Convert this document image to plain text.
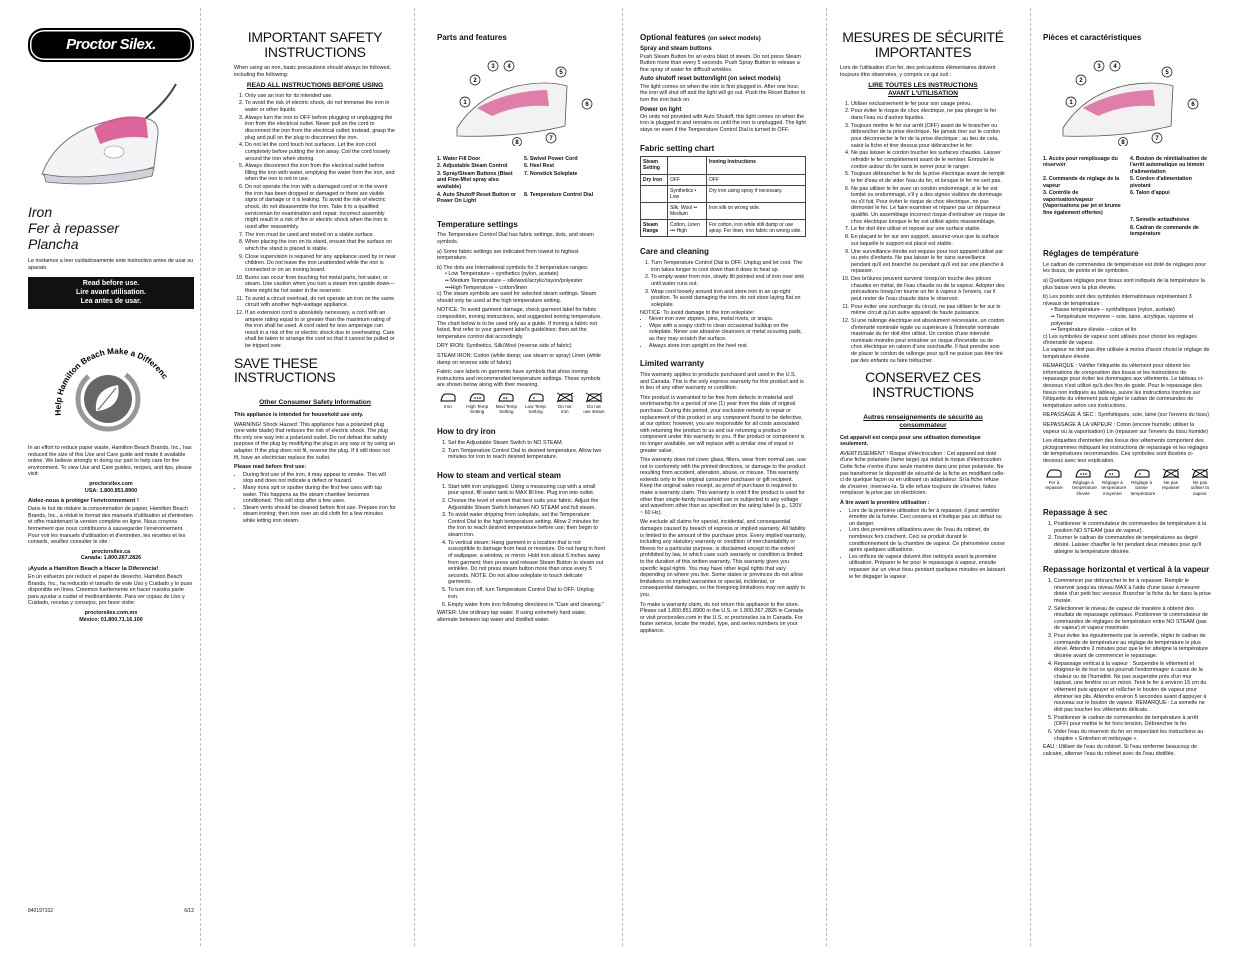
Proctor Silex.
Iron
Fer à repasser
Plancha

Le invitamos a leer cuidadosamente este instructivo antes de usar su aparato.

Read before use.
Lire avant utilisation.
Lea antes de usar.
Help Hamilton Beach Make a Difference!

In an effort to reduce paper waste, Hamilton Beach Brands, Inc., has reduced the size of this Use and Care guide and made it available online. We believe strongly in doing our part to help care for the environment. To view Use and Care guides, recipes, and tips, please visit:

proctorsilex.com

USA: 1.800.851.8900

Aidez-nous à protéger l'environnement !

Dans le but de réduire la consommation de papier, Hamilton Beach Brands, Inc., a réduit le format des manuels d'utilisation et d'entretien et offre maintenant la version complète en ligne. Nous croyons fermement que nous contribuons à sauvegarder l'environnement. Pour voir les manuels d'utilisation et d'entretien, les recettes et les conseils, veuillez consulter le site :

proctorsilex.ca

Canada: 1.800.267.2826

¡Ayude a Hamilton Beach a Hacer la Diferencia!

En un esfuerzo por reducir el papel de desecho, Hamilton Beach Brands, Inc., ha reducido el tamaño de este Uso y Cuidado y lo puso disponible en línea. Creemos fuertemente en hacer nuestra parte para ayudar a cuidar el medioambiente. Para ver copias de Uso y Cuidado, recetas y consejos, por favor visite:

proctorsilex.com.mx

México: 01.800.71.16.100

840197102	6/12
IMPORTANT SAFETY INSTRUCTIONS

When using an iron, basic precautions should always be followed, including the following:

READ ALL INSTRUCTIONS BEFORE USING
1. Only use an iron for its intended use.
2. To avoid the risk of electric shock, do not immerse the iron in water or other liquids.
3. Always turn the iron to OFF before plugging or unplugging the iron from the electrical outlet. Never pull on the cord to disconnect the iron from the electrical outlet; instead, grasp the plug and pull on the plug to disconnect the iron.
4. Do not let the cord touch hot surfaces. Let the iron cool completely before putting the iron away. Coil the cord loosely around the iron when storing.
5. Always disconnect the iron from the electrical outlet before filling the iron with water, emptying the water from the iron, and when the iron is not in use.
6. Do not operate the iron with a damaged cord or in the event the iron has been dropped or damaged or there are visible signs of damage or it is leaking. To avoid the risk of electric shock, do not disassemble the iron. Take it to a qualified serviceman for examination and repair. Incorrect assembly might result in a risk of fire or electric shock when the iron is used after reassembly.
7. The iron must be used and rested on a stable surface.
8. When placing the iron on its stand, ensure that the surface on which the stand is placed is stable.
9. Close supervision is required for any appliance used by or near children. Do not leave the iron unattended while the iron is connected or on an ironing board.
10. Burns can occur from touching hot metal parts, hot water, or steam. Use caution when you turn a steam iron upside down—there might be hot water in the reservoir.
11. To avoid a circuit overload, do not operate an iron on the same circuit with another high-wattage appliance.
12. If an extension cord is absolutely necessary, a cord with an ampere rating equal to or greater than the maximum rating of the iron shall be used. A cord rated for less amperage can result in a risk of fire or electric shock due to overheating. Care shall be taken to arrange the cord so that it cannot be pulled or be tripped over.
SAVE THESE INSTRUCTIONS
Other Consumer Safety Information

This appliance is intended for household use only.

WARNING! Shock Hazard: This appliance has a polarized plug (one wide blade) that reduces the risk of electric shock. The plug fits only one way into a polarized outlet. Do not defeat the safety purpose of the plug by modifying the plug in any way or by using an adapter. If the plug does not fit, reverse the plug. If it still does not fit, have an electrician replace the outlet.

Please read before first use:

• During first use of the iron, it may appear to smoke. This will stop and does not indicate a defect or hazard.
• Many irons spit or sputter during the first few uses with tap water. This happens as the steam chamber becomes conditioned. This will stop after a few uses.
• Steam vents should be cleaned before first use. Prepare iron for steam ironing; then iron over an old cloth for a few minutes while letting iron steam.
Parts and features
1
2
3 4
5
6
7
8
1. Water Fill Door	5. Swivel Power Cord
2. Adjustable Steam Control	6. Heel Rest
3. Spray/Steam Buttons (Blast and Fine-Mist spray also available)
7. Nonstick Soleplate
4. Auto Shutoff Reset Button or Power On Light
8. Temperature Control Dial
Temperature settings

The Temperature Control Dial has fabric settings, dots, and steam symbols.

a) Some fabric settings are indicated from lowest to highest temperature.

b) The dots are International symbols for 3 temperature ranges:

• Low Temperature – synthetics (nylon, acetate)
•• Medium Temperature – silk/wool/acrylic/rayon/polyester
•••High Temperature – cotton/linen

c) The steam symbols are used for selected steam settings. Steam should only be used at the high temperature setting.

NOTICE: To avoid garment damage, check garment label for fabric composition, ironing instructions, and suggested ironing temperature. The chart below is to be used only as a guide. If ironing a fabric not listed, first refer to your garment label's guidelines; then set the temperature control dial accordingly.

DRY IRON: Synthetics, Silk/Wool (reverse side of fabric)

STEAM IRON: Cotton (while damp; use steam or spray) Linen (while damp on reverse side of fabric)

Fabric care labels on garments have symbols that show ironing instructions and recommended temperature settings. These symbols are shown below along with their meaning.

Iron	High Temp Setting
Med Temp Setting
Low Temp Setting
Do not iron
Do not use steam
How to dry iron
1. Set the Adjustable Steam Switch to NO STEAM.
2. Turn Temperature Control Dial to desired temperature. Allow two minutes for iron to reach desired temperature.
How to steam and vertical steam
1. Start with iron unplugged. Using a measuring cup with a small pour spout, fill water tank to MAX fill line. Plug iron into outlet.
2. Choose the level of steam that best suits your fabric. Adjust the Adjustable Steam Switch between NO STEAM and full steam.
3. To avoid water dripping from soleplate, set the Temperature Control Dial to the high temperature setting. Allow 2 minutes for the iron to reach desired temperature before use; then begin to steam iron.
4. To vertical steam: Hang garment in a location that is not susceptible to damage from heat or moisture. Do not hang in front of wallpaper, a window, or mirror. Hold iron about 6 inches away from garment; then press and release Steam Button to steam out wrinkles. Do not press steam button more than once every 5 seconds. NOTE: Do not allow soleplate to touch delicate garments.
5. To turn iron off, turn Temperature Control Dial to OFF. Unplug iron.
6. Empty water from iron following directions in "Care and cleaning."

WATER: Use ordinary tap water. If using extremely hard water, alternate between tap water and distilled water.

Optional features (on select models)

Spray and steam buttons

Push Steam Button for an extra blast of steam. Do not press Steam Button more than every 5 seconds. Push Spray Button to release a fine spray of water for difficult wrinkles.

Auto shutoff reset button/light (on select models)

The light comes on when the iron is first plugged in. After one hour, the iron will shut off and the light will go out. Push the Reset Button to turn the iron back on.

Power on light

On units not provided with Auto Shutoff, this light comes on when the iron is plugged in and remains on until the iron is unplugged. The light stays on even if the Temperature Control Dial is turned to OFF.

Fabric setting chart
Steam Setting		Ironing Instructions
Dry Iron	OFF	OFF
	Synthetics • Low	Dry iron using spray if necessary.
	Silk, Wool •• Medium	Iron silk on wrong side.
Steam Range	Cotton, Linen ••• High	For cotton, iron while still damp or use spray. For linen, iron fabric on wrong side.
Care and cleaning
1. Turn Temperature Control Dial to OFF. Unplug and let cool. The iron takes longer to cool down than it does to heat up.
2. To empty water from iron, slowly tilt pointed end of iron over sink until water runs out.
3. Wrap cord loosely around iron and store iron in an up-right position. To avoid damaging the iron, do not store laying flat on soleplate.

NOTICE: To avoid damage to the iron soleplate:

• Never iron over zippers, pins, metal rivets, or snaps.
• Wipe with a soapy cloth to clean occasional buildup on the soleplate. Never use abrasive cleansers or metal scouring pads, as they may scratch the surface.
• Always store iron upright on the heel rest.
Limited warranty

This warranty applies to products purchased and used in the U.S. and Canada. This is the only express warranty for this product and is in lieu of any other warranty or condition.

This product is warranted to be free from defects in material and workmanship for a period of one (1) year from the date of original purchase. During this period, your exclusive remedy is repair or replacement of this product or any component found to be defective, at our option; however, you are responsible for all costs associated with returning the product to us and our returning a product or component under this warranty to you. If the product or component is no longer available, we will replace with a similar one of equal or greater value.

This warranty does not cover glass, filters, wear from normal use, use not in conformity with the printed directions, or damage to the product resulting from accident, alteration, abuse, or misuse. This warranty extends only to the original consumer purchaser or gift recipient. Keep the original sales receipt, as proof of purchase is required to make a warranty claim. This warranty is void if the product is used for other than single-family household use or subjected to any voltage and waveform other than as specified on the rating label (e.g., 120V ~ 60 Hz).

We exclude all claims for special, incidental, and consequential damages caused by breach of express or implied warranty. All liability is limited to the amount of the purchase price. Every implied warranty, including any statutory warranty or condition of merchantability or fitness for a particular purpose, is disclaimed except to the extent prohibited by law, in which case such warranty or condition is limited to the duration of this written warranty. This warranty gives you specific legal rights. You may have other legal rights that vary depending on where you live. Some states or provinces do not allow limitations on implied warranties or special, incidental, or consequential damages, so the foregoing limitations may not apply to you.

To make a warranty claim, do not return this appliance to the store. Please call 1.800.851.8900 in the U.S. or 1.800.267.2826 in Canada or visit proctorsilex.com in the U.S. or proctorsilex.ca in Canada. For faster service, locate the model, type, and series numbers on your appliance.

MESURES DE SÉCURITÉ IMPORTANTES

Lors de l'utilisation d'un fer, des précautions élémentaires doivent toujours être observées, y compris ce qui suit :

LIRE TOUTES LES INSTRUCTIONS AVANT L'UTILISATION
1. Utiliser exclusivement le fer pour son usage prévu.
2. Pour éviter le risque de choc électrique, ne pas plonger le fer dans l'eau ou d'autres liquides.
3. Toujours mettre le fer sur arrêt (OFF) avant de le brancher ou débrancher de la prise électrique. Ne jamais tirer sur le cordon pour déconnecter le fer de la prise électrique ; au lieu de cela, saisir la fiche et tirer dessus pour débrancher le fer.
4. Ne pas laisser le cordon toucher les surfaces chaudes. Laisser refroidir le fer complètement avant de le remiser. Enrouler le cordon autour du fer sans le serrer pour le ranger.
5. Toujours débrancher le fer de la prise électrique avant de remplir le fer d'eau et de vider l'eau du fer, et lorsque le fer ne sert pas.
6. Ne pas utiliser le fer avec un cordon endommagé, si le fer est tombé ou endommagé, s'il y a des signes visibles de dommage ou s'il fuit. Pour éviter le risque de choc électrique, ne pas démonter le fer. Le faire examiner et réparer par un dépanneur qualifié. Un assemblage incorrect risque d'entraîner un risque de choc électrique lorsque le fer est utilisé après réassemblage.
7. Le fer doit être utilisé et reposé sur une surface stable.
8. En plaçant le fer sur son support, assurez-vous que la surface sur laquelle le support est placé est stable.
9. Une surveillance étroite est requise pour tout appareil utilisé par ou près d'enfants. Ne pas laisser le fer sans surveillance pendant qu'il est branché ou pendant qu'il est sur une planche à repasser.
10. Des brûlures peuvent survenir lorsqu'on touche des pièces chaudes en métal, de l'eau chaude ou de la vapeur. Adopter des précautions lorsqu'on tourne un fer à vapeur à l'envers, car il peut rester de l'eau chaude dans le réservoir.
11. Pour éviter une surcharge du circuit, ne pas utiliser le fer sur le même circuit qu'un autre appareil de haute puissance.
12. Si une rallonge électrique est absolument nécessaire, un cordon d'intensité nominale égale ou supérieure à l'intensité nominale maximale du fer doit être utilisé. Un cordon d'une intensité nominale moindre peut entraîner un risque d'incendie ou de choc électrique en raison d'une surchauffe. Il faut prendre soin de placer le cordon de rallonge pour qu'il ne puisse pas être tiré par des enfants ou faire trébucher.
CONSERVEZ CES INSTRUCTIONS
Autres renseignements de sécurité au consommateur

Cet appareil est conçu pour une utilisation domestique seulement.

AVERTISSEMENT ! Risque d'électrocution : Cet appareil est doté d'une fiche polarisée (lame large) qui réduit le risque d'électrocution. Cette fiche n'entre d'une seule manière dans une prise polarisée. Ne pas transformer le dispositif de sécurité de la fiche en modifiant celle-ci de quelque façon ou en utilisant un adaptateur. Si la fiche refuse de s'insérer, inversez-la. Si elle refuse toujours de s'insérer, faites remplacer la prise par un électricien.

À lire avant la première utilisation :

• Lors de la première utilisation du fer à repasser, il peut sembler émettre de la fumée. Ceci cessera et n'indique pas un défaut ou un danger.
• Lors des premières utilisations avec de l'eau du robinet, de nombreux fers crachent. Ceci se produit durant le conditionnement de la chambre de vapeur. Ce phénomène cesse après quelques utilisations.
• Les orifices de vapeur doivent être nettoyés avant la première utilisation. Préparer le fer pour le repassage à vapeur, ensuite repasser sur un vieux tissu pendant quelques minutes en laissant le fer dégager la vapeur.
Pièces et caractéristiques
1
2
3 4
5
6
7
8
1. Accès pour remplissage du réservoir
4. Bouton de réinitialisation de l'arrêt automatique ou témoin d'alimentation
2. Commande de réglage de la vapeur
5. Cordon d'alimentation pivotant
3. Contrôle de vaporisation/vapeur (Vaporisations par jet et brume fine également offertes)
6. Talon d'appui
7. Semelle antiadhésive
8. Cadran de commande de température
Réglages de température

Le cadran de commandes de température est doté de réglages pour les tissus, de points et de symboles.

a) Quelques réglages pour tissus sont indiqués de la température la plus basse vers la plus élevée.

b) Les points sont des symboles internationaux représentant 3 niveaux de température :

• Basse température – synthétiques (nylon, acétate)
•• Température moyenne – soie, laine, acrylique, rayonne et polyester
•••Température élevée – coton et lin

c) Les symboles de vapeur sont utilisés pour choisir les réglages d'intensité de vapeur.

La vapeur ne doit pas être utilisée à moins d'avoir choisi le réglage de température élevée.

REMARQUE : Vérifier l'étiquette du vêtement pour obtenir les informations de composition des tissus et les instructions de repassage pour éviter les dommages aux vêtements. Le tableau ci-dessous n'est utilisé qu'à des fins de guide. Pour le repassage des tissus non indiqués au tableau, suivre les instructions inscrites sur l'étiquette du vêtement puis régler le cadran de commandes de température selon ces instructions.

REPASSAGE À SEC : Synthétiques, soie, laine (sur l'envers du tissu)

REPASSAGE À LA VAPEUR : Coton (encore humide; utiliser la vapeur ou la vaporisation) Lin (repasser sur l'envers du tissu humide)

Les étiquettes d'entretien des tissus des vêtements comportent des pictogrammes indiquant les instructions de repassage et les réglages de températures recommandés. Ces symboles sont illustrés ci-dessous avec leur explication.

Fer à repasser
Réglage à température élevée
Réglage à température moyenne
Réglage à basse température
Ne pas repasser
Ne pas utiliser la vapeur
Repassage à sec
1. Positionner le commutateur de commandes de température à la position NO STEAM (pas de vapeur).
2. Tourner le cadran de commandes de températures au degré désiré. Laisser chauffer le fer pendant deux minutes pour qu'il atteigne la température désirée.
Repassage horizontal et vertical à la vapeur
1. Commencer par débrancher le fer à repasser. Remplir le réservoir jusqu'au niveau MAX à l'aide d'une tasse à mesurer dotée d'un petit bec verseur. Brancher la fiche du fer dans la prise murale.
2. Sélectionner le niveau de vapeur de manière à obtenir des résultats de repassage optimaux. Positionner le commutateur de commandes de réglages de température entre NO STEAM (pas de vapeur) et vapeur maximale.
3. Pour éviter les égouttements par la semelle, régler le cadran de commande de température au réglage de température le plus élevé. Attendre 2 minutes pour que le fer atteigne la température désirée avant de commencer le repassage.
4. Repassage vertical à la vapeur : Suspendre le vêtement et éloignez-le de tout ce qui pourrait l'endommager à cause de la chaleur ou de l'humidité. Ne pas suspendre près d'un mur tapissé, une fenêtre ou un miroir. Tenir le fer à environ 15 cm du vêtement puis appuyer et relâcher le bouton de vapeur pour éliminer les plis. Attendre environ 5 secondes avant d'appuyer à nouveau sur le bouton de vapeur. REMARQUE : La semelle ne doit pas toucher les vêtements délicats.
5. Positionner le cadran de commandes de température à arrêt (OFF) pour mettre le fer hors tension. Débrancher le fer.
6. Vider l'eau du réservoir du fer en respectant les instructions au chapitre « Entretien et nettoyage ».

EAU : Utiliser de l'eau du robinet. Si l'eau renferme beaucoup de calcaire, alterner l'eau du robinet avec de l'eau distillée.
